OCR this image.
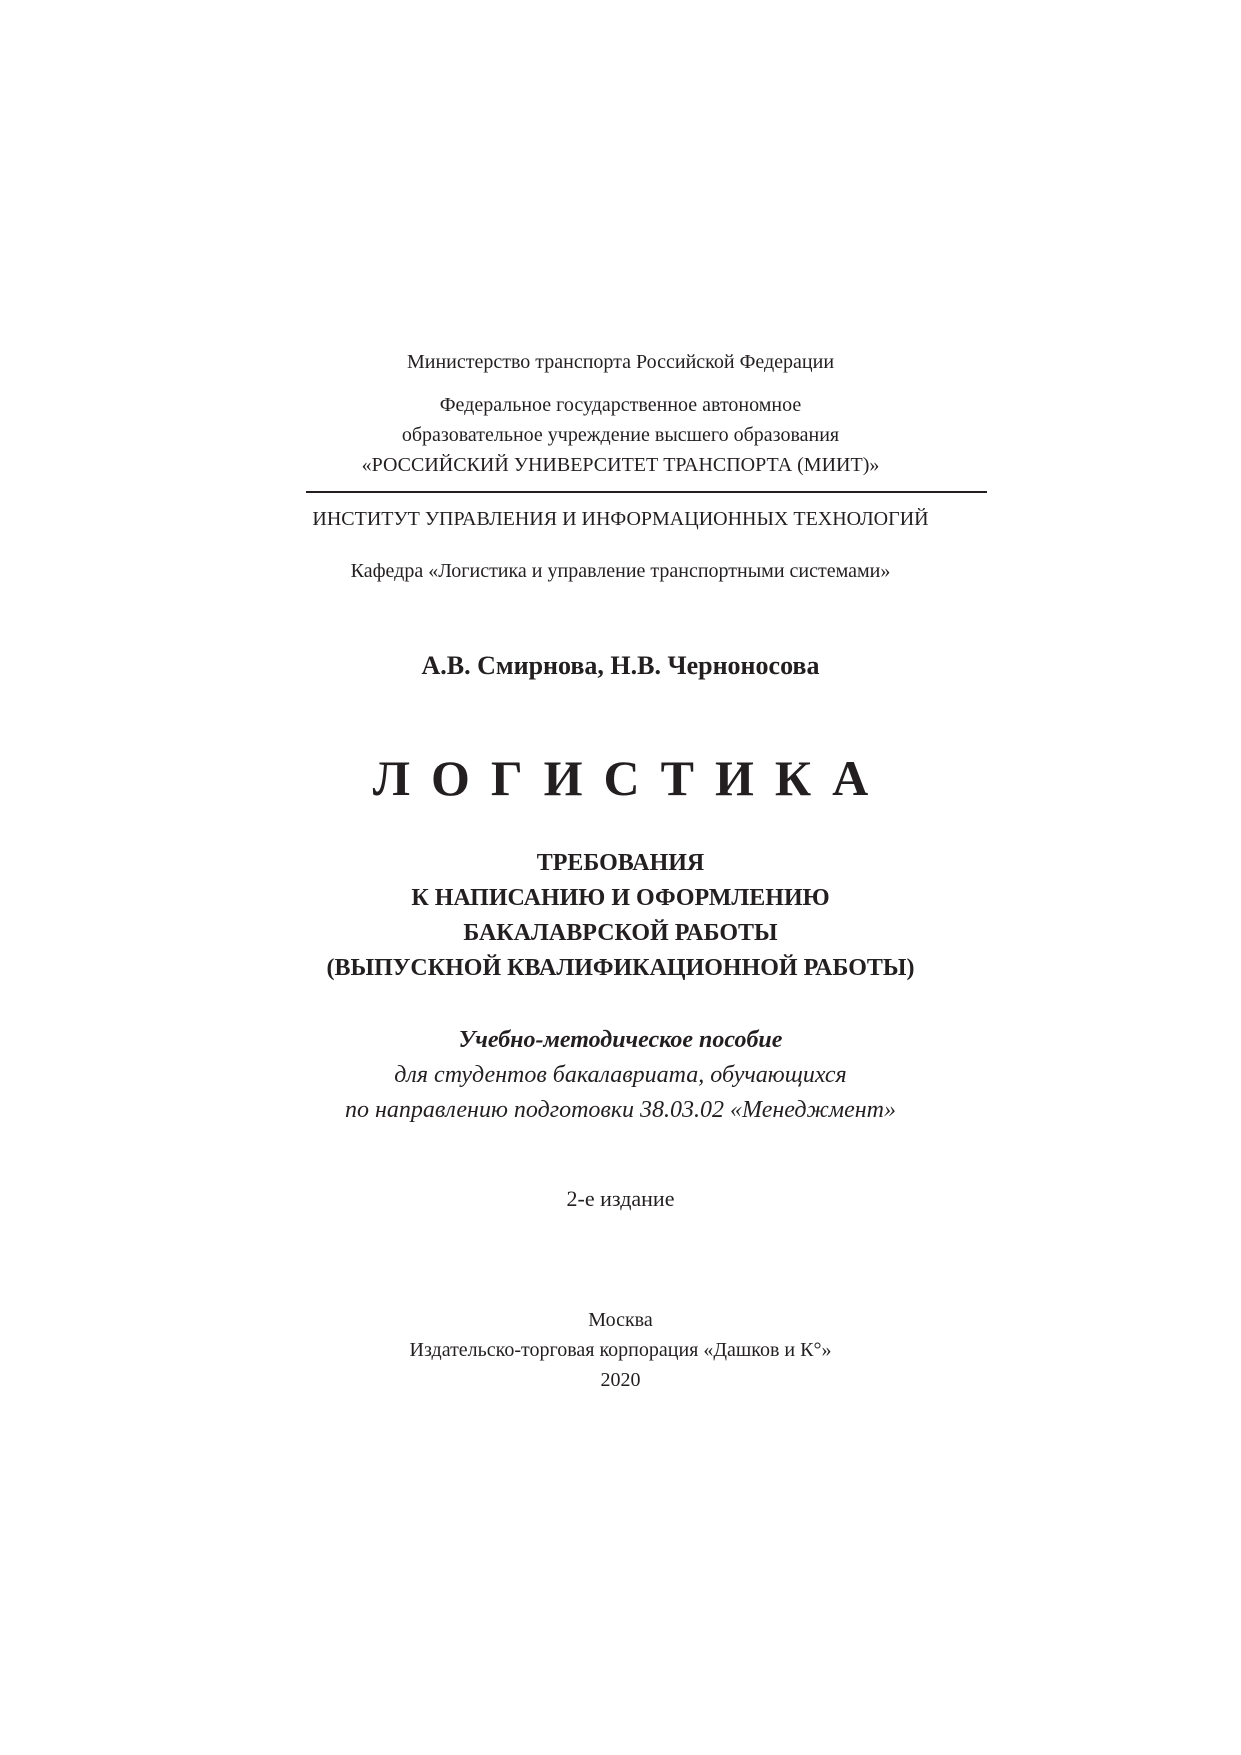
Министерство транспорта Российской Федерации

Федеральное государственное автономное

образовательное учреждение высшего образования

«РОССИЙСКИЙ УНИВЕРСИТЕТ ТРАНСПОРТА (МИИТ)»

ИНСТИТУТ УПРАВЛЕНИЯ И ИНФОРМАЦИОННЫХ ТЕХНОЛОГИЙ

Кафедра «Логистика и управление транспортными системами»

А.В. Смирнова, Н.В. Черноносова

ЛОГИСТИКА

ТРЕБОВАНИЯ

К НАПИСАНИЮ И ОФОРМЛЕНИЮ

БАКАЛАВРСКОЙ РАБОТЫ

(ВЫПУСКНОЙ КВАЛИФИКАЦИОННОЙ РАБОТЫ)

Учебно-методическое пособие

для студентов бакалавриата, обучающихся

по направлению подготовки 38.03.02 «Менеджмент»

2-е издание

Москва

Издательско-торговая корпорация «Дашков и К°»

2020
